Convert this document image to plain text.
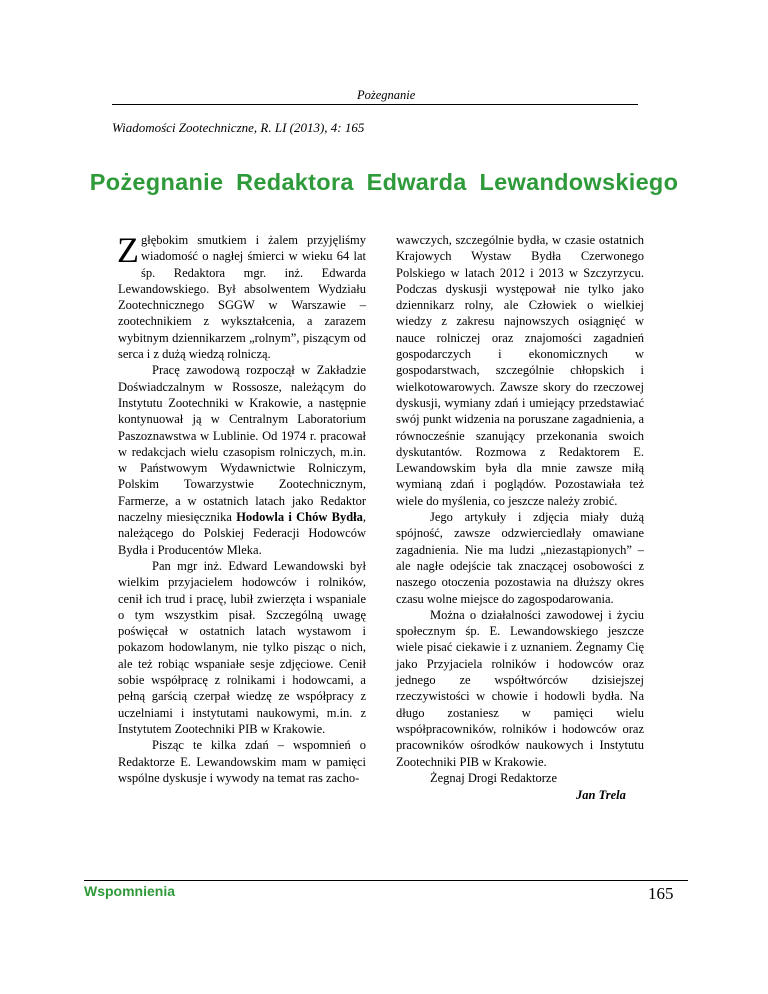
Pożegnanie
Wiadomości Zootechniczne, R. LI (2013), 4: 165
Pożegnanie Redaktora Edwarda Lewandowskiego

Z głębokim smutkiem i żalem przyjęliśmy wiadomość o nagłej śmierci w wieku 64 lat śp. Redaktora mgr. inż. Edwarda Lewandowskiego. Był absolwentem Wydziału Zootechnicznego SGGW w Warszawie – zootechnikiem z wykształcenia, a zarazem wybitnym dziennikarzem „rolnym”, piszącym od serca i z dużą wiedzą rolniczą.

Pracę zawodową rozpoczął w Zakładzie Doświadczalnym w Rossosze, należącym do Instytutu Zootechniki w Krakowie, a następnie kontynuował ją w Centralnym Laboratorium Paszoznawstwa w Lublinie. Od 1974 r. pracował w redakcjach wielu czasopism rolniczych, m.in. w Państwowym Wydawnictwie Rolniczym, Polskim Towarzystwie Zootechnicznym, Farmerze, a w ostatnich latach jako Redaktor naczelny miesięcznika Hodowla i Chów Bydła, należącego do Polskiej Federacji Hodowców Bydła i Producentów Mleka.

Pan mgr inż. Edward Lewandowski był wielkim przyjacielem hodowców i rolników, cenił ich trud i pracę, lubił zwierzęta i wspaniale o tym wszystkim pisał. Szczególną uwagę poświęcał w ostatnich latach wystawom i pokazom hodowlanym, nie tylko pisząc o nich, ale też robiąc wspaniałe sesje zdjęciowe. Cenił sobie współpracę z rolnikami i hodowcami, a pełną garścią czerpał wiedzę ze współpracy z uczelniami i instytutami naukowymi, m.in. z Instytutem Zootechniki PIB w Krakowie.

Pisząc te kilka zdań – wspomnień o Redaktorze E. Lewandowskim mam w pamięci wspólne dyskusje i wywody na temat ras zacho-

wawczych, szczególnie bydła, w czasie ostatnich Krajowych Wystaw Bydła Czerwonego Polskiego w latach 2012 i 2013 w Szczyrzycu. Podczas dyskusji występował nie tylko jako dziennikarz rolny, ale Człowiek o wielkiej wiedzy z zakresu najnowszych osiągnięć w nauce rolniczej oraz znajomości zagadnień gospodarczych i ekonomicznych w gospodarstwach, szczególnie chłopskich i wielkotowarowych. Zawsze skory do rzeczowej dyskusji, wymiany zdań i umiejący przedstawiać swój punkt widzenia na poruszane zagadnienia, a równocześnie szanujący przekonania swoich dyskutantów. Rozmowa z Redaktorem E. Lewandowskim była dla mnie zawsze miłą wymianą zdań i poglądów. Pozostawiała też wiele do myślenia, co jeszcze należy zrobić.

Jego artykuły i zdjęcia miały dużą spójność, zawsze odzwierciedlały omawiane zagadnienia. Nie ma ludzi „niezastąpionych” – ale nagłe odejście tak znaczącej osobowości z naszego otoczenia pozostawia na dłuższy okres czasu wolne miejsce do zagospodarowania.

Można o działalności zawodowej i życiu społecznym śp. E. Lewandowskiego jeszcze wiele pisać ciekawie i z uznaniem. Żegnamy Cię jako Przyjaciela rolników i hodowców oraz jednego ze współtwórców dzisiejszej rzeczywistości w chowie i hodowli bydła. Na długo zostaniesz w pamięci wielu współpracowników, rolników i hodowców oraz pracowników ośrodków naukowych i Instytutu Zootechniki PIB w Krakowie.

Żegnaj Drogi Redaktorze

Jan Trela
Wspomnienia	165
